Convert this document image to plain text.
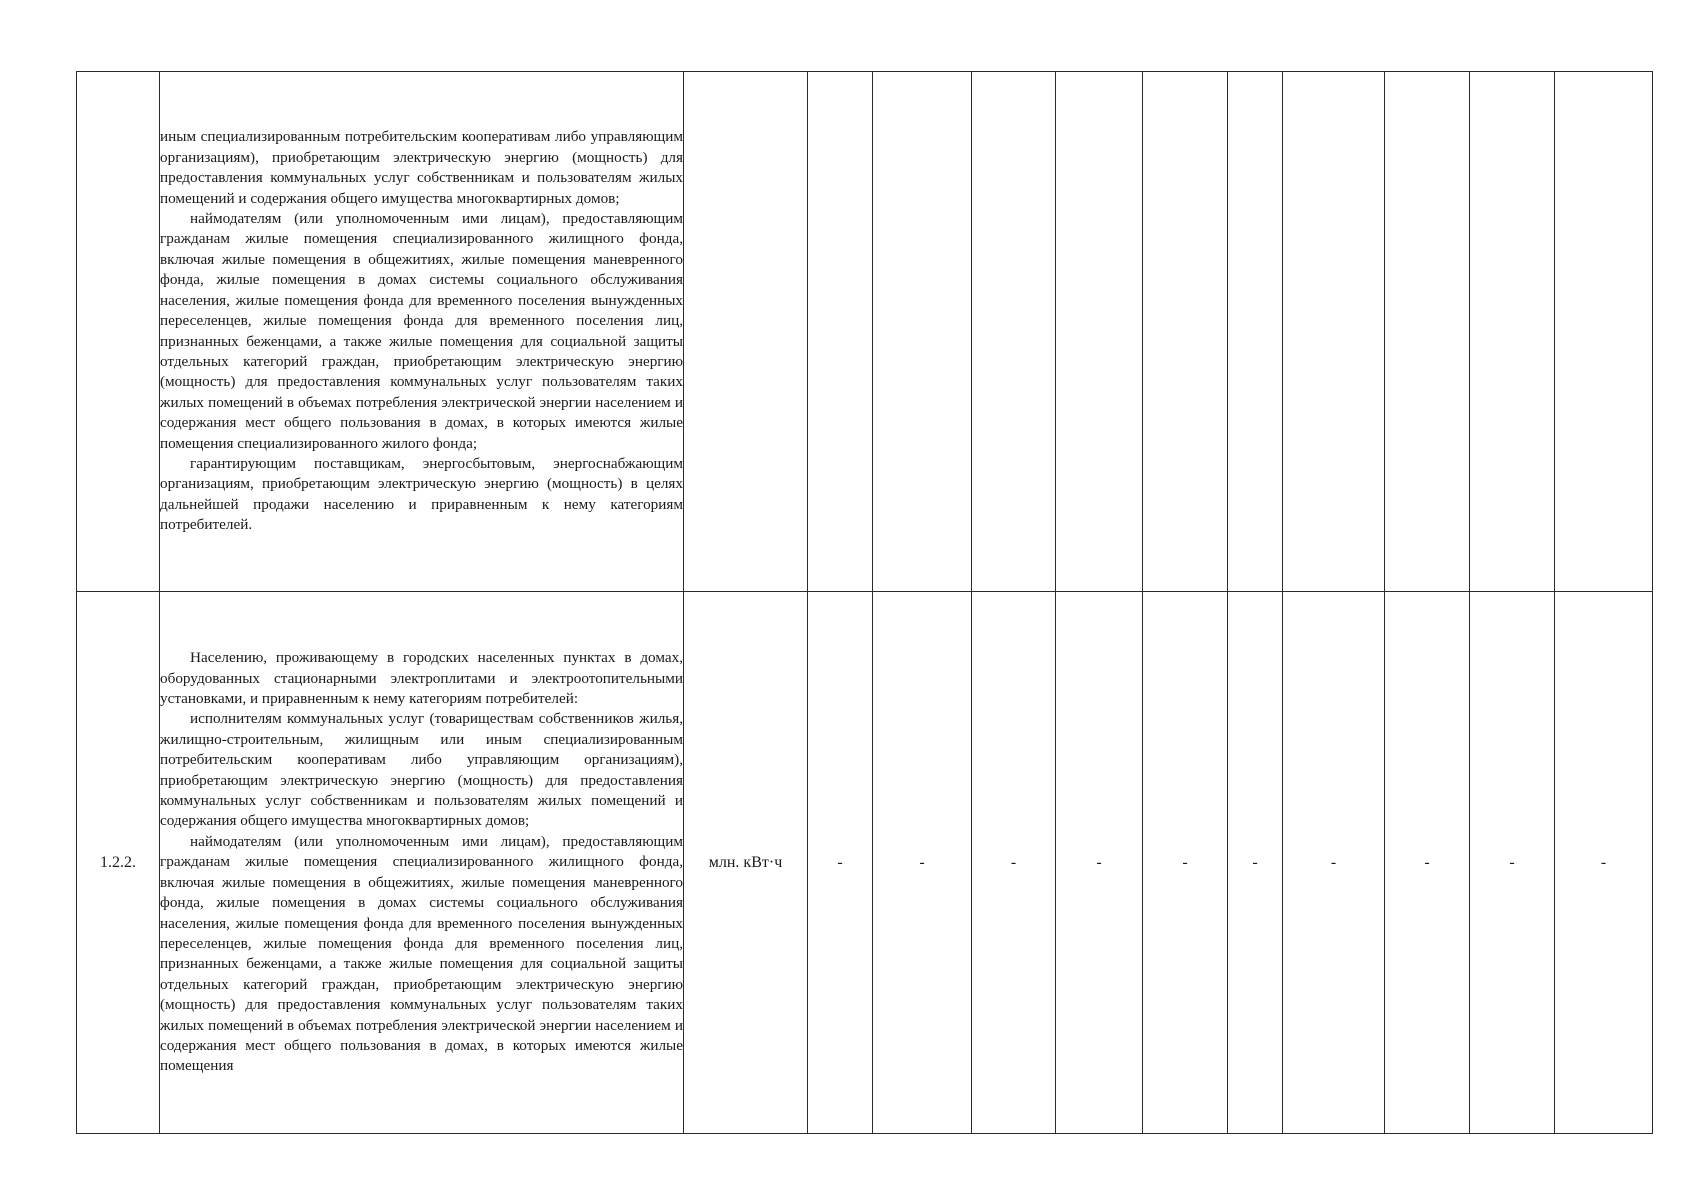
	иным специализированным потребительским кооперативам либо управляющим организациям), приобретающим электрическую энергию (мощность) для предоставления коммунальных услуг собственникам и пользователям жилых помещений и содержания общего имущества многоквартирных домов;

наймодателям (или уполномоченным ими лицам), предоставляющим гражданам жилые помещения специализированного жилищного фонда, включая жилые помещения в общежитиях, жилые помещения маневренного фонда, жилые помещения в домах системы социального обслуживания населения, жилые помещения фонда для временного поселения вынужденных переселенцев, жилые помещения фонда для временного поселения лиц, признанных беженцами, а также жилые помещения для социальной защиты отдельных категорий граждан, приобретающим электрическую энергию (мощность) для предоставления коммунальных услуг пользователям таких жилых помещений в объемах потребления электрической энергии населением и содержания мест общего пользования в домах, в которых имеются жилые помещения специализированного жилого фонда;

гарантирующим поставщикам, энергосбытовым, энергоснабжающим организациям, приобретающим электрическую энергию (мощность) в целях дальнейшей продажи населению и приравненным к нему категориям потребителей.											

1.2.2.	Населению, проживающему в городских населенных пунктах в домах, оборудованных стационарными электроплитами и электроотопительными установками, и приравненным к нему категориям потребителей:

исполнителям коммунальных услуг (товариществам собственников жилья, жилищно-строительным, жилищным или иным специализированным потребительским кооперативам либо управляющим организациям), приобретающим электрическую энергию (мощность) для предоставления коммунальных услуг собственникам и пользователям жилых помещений и содержания общего имущества многоквартирных домов;

наймодателям (или уполномоченным ими лицам), предоставляющим гражданам жилые помещения специализированного жилищного фонда, включая жилые помещения в общежитиях, жилые помещения маневренного фонда, жилые помещения в домах системы социального обслуживания населения, жилые помещения фонда для временного поселения вынужденных переселенцев, жилые помещения фонда для временного поселения лиц, признанных беженцами, а также жилые помещения для социальной защиты отдельных категорий граждан, приобретающим электрическую энергию (мощность) для предоставления коммунальных услуг пользователям таких жилых помещений в объемах потребления электрической энергии населением и содержания мест общего пользования в домах, в которых имеются жилые помещения	млн. кВт·ч	-	-	-	-	-	-	-	-	-	-
